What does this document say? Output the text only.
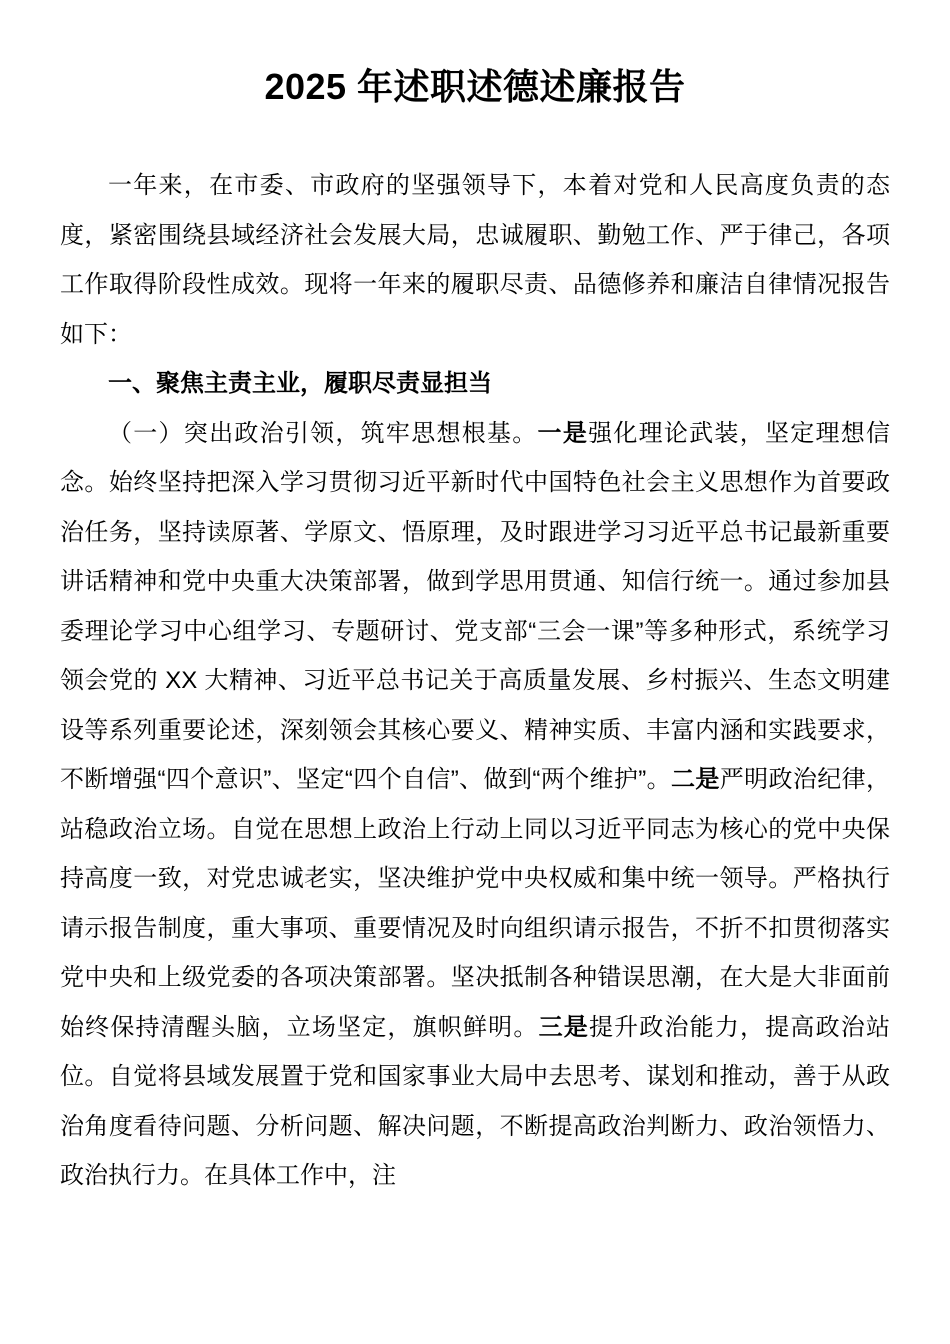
2025 年述职述德述廉报告

一年来，在市委、市政府的坚强领导下，本着对党和人民高度负责的态度，紧密围绕县域经济社会发展大局，忠诚履职、勤勉工作、严于律己，各项工作取得阶段性成效。现将一年来的履职尽责、品德修养和廉洁自律情况报告如下：

一、聚焦主责主业，履职尽责显担当

（一）突出政治引领，筑牢思想根基。一是强化理论武装，坚定理想信念。始终坚持把深入学习贯彻习近平新时代中国特色社会主义思想作为首要政治任务，坚持读原著、学原文、悟原理，及时跟进学习习近平总书记最新重要讲话精神和党中央重大决策部署，做到学思用贯通、知信行统一。通过参加县委理论学习中心组学习、专题研讨、党支部“三会一课”等多种形式，系统学习领会党的 XX 大精神、习近平总书记关于高质量发展、乡村振兴、生态文明建设等系列重要论述，深刻领会其核心要义、精神实质、丰富内涵和实践要求，不断增强“四个意识”、坚定“四个自信”、做到“两个维护”。二是严明政治纪律，站稳政治立场。自觉在思想上政治上行动上同以习近平同志为核心的党中央保持高度一致，对党忠诚老实，坚决维护党中央权威和集中统一领导。严格执行请示报告制度，重大事项、重要情况及时向组织请示报告，不折不扣贯彻落实党中央和上级党委的各项决策部署。坚决抵制各种错误思潮，在大是大非面前始终保持清醒头脑，立场坚定，旗帜鲜明。三是提升政治能力，提高政治站位。自觉将县域发展置于党和国家事业大局中去思考、谋划和推动，善于从政治角度看待问题、分析问题、解决问题，不断提高政治判断力、政治领悟力、政治执行力。在具体工作中，注
